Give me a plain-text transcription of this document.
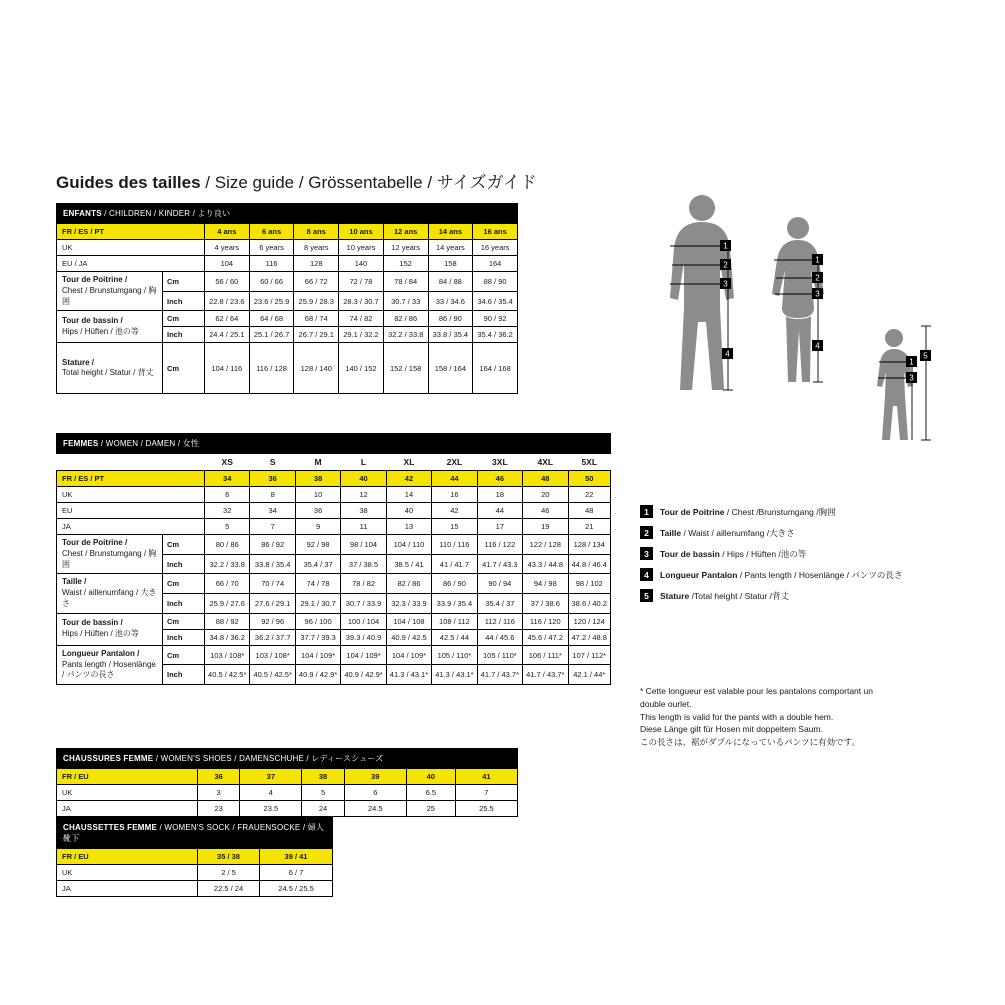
Guides des tailles / Size guide / Grössentabelle / サイズガイド
ENFANTS / CHILDREN / KINDER / より良い								
FR / ES / PT		4 ans	6 ans	8 ans	10 ans	12 ans	14 ans	16 ans
UK		4 years	6 years	8 years	10 years	12 years	14 years	16 years
EU / JA		104	116	128	140	152	158	164
Tour de Poitrine /
Chest / Brunstumgang / 胸囲	Cm	56 / 60	60 / 66	66 / 72	72 / 78	78 / 84	84 / 88	88 / 90
	Inch	22.8 / 23.6	23.6 / 25.9	25.9 / 28.3	28.3 / 30.7	30.7 / 33	33 / 34.6	34.6 / 35.4
Tour de bassin /
Hips / Hüften / 池の等	Cm	62 / 64	64 / 68	68 / 74	74 / 82	82 / 86	86 / 90	90 / 92
	Inch	24.4 / 25.1	25.1 / 26.7	26.7 / 29.1	29.1 / 32.2	32.2 / 33.8	33.8 / 35.4	35.4 / 36.2
Stature /
Total height / Statur / 背丈	Cm	104 / 116	116 / 128	128 / 140	140 / 152	152 / 158	158 / 164	164 / 168
FEMMES / WOMEN / DAMEN / 女性										
		XS	S	M	L	XL	2XL	3XL	4XL	5XL
FR / ES / PT		34	36	38	40	42	44	46	48	50
UK		6	8	10	12	14	16	18	20	22
EU		32	34	36	38	40	42	44	46	48
JA		5	7	9	11	13	15	17	19	21
Tour de Poitrine /
Chest / Brunstumgang / 胸囲	Cm	80 / 86	86 / 92	92 / 98	98 / 104	104 / 110	110 / 116	116 / 122	122 / 128	128 / 134
	Inch	32.2 / 33.8	33.8 / 35.4	35.4 / 37	37 / 38.5	38.5 / 41	41 / 41.7	41.7 / 43.3	43.3 / 44.8	44.8 / 46.4
Taille /
Waist / aillenumfang / 大きさ	Cm	66 / 70	70 / 74	74 / 78	78 / 82	82 / 86	86 / 90	90 / 94	94 / 98	98 / 102
	Inch	25.9 / 27.6	27.6 / 29.1	29.1 / 30.7	30.7 / 33.9	32.3 / 33.9	33.9 / 35.4	35.4 / 37	37 / 38.6	38.6 / 40.2
Tour de bassin /
Hips / Hüften / 池の等	Cm	88 / 92	92 / 96	96 / 100	100 / 104	104 / 108	108 / 112	112 / 116	116 / 120	120 / 124
	Inch	34.8 / 36.2	36.2 / 37.7	37.7 / 39.3	39.3 / 40.9	40.9 / 42.5	42.5 / 44	44 / 45.6	45.6 / 47.2	47.2 / 48.8
Longueur Pantalon /
Pants length / Hosenlänge / パンツの長さ	Cm	103 / 108*	103 / 108*	104 / 109*	104 / 109*	104 / 109*	105 / 110*	105 / 110*	106 / 111*	107 / 112*
	Inch	40.5 / 42.5*	40.5 / 42.5*	40.9 / 42.9*	40.9 / 42.9*	41.3 / 43.1*	41.3 / 43.1*	41.7 / 43.7*	41.7 / 43.7*	42.1 / 44*
CHAUSSURES FEMME / WOMEN'S SHOES / DAMENSCHUHE / レディースシューズ						
FR / EU	36	37	38	39	40	41
UK	3	4	5	6	6.5	7
JA	23	23.5	24	24.5	25	25.5
CHAUSSETTES FEMME / WOMEN'S SOCK / FRAUENSOCKE / 婦人靴下		
FR / EU	35 / 38	39 / 41
UK	2 / 5	6 / 7
JA	22.5 / 24	24.5 / 25.5
1
2
3
4
1
2
3
4
1
3
5
1	Tour de Poitrine / Chest /Brunstumgang /胸囲
2	Taille / Waist / aillenumfang /大きさ
3	Tour de bassin / Hips / Hüften /池の等
4	Longueur Pantalon / Pants length / Hosenlänge / パンツの長さ
5	Stature /Total height / Statur /背丈
* Cette longueur est valable pour les pantalons comportant un
double ourlet.
This length is valid for the pants with a double hem.
Diese Länge gilt für Hosen mit doppeltem Saum.
この長さは、裾がダブルになっているパンツに有効です。
